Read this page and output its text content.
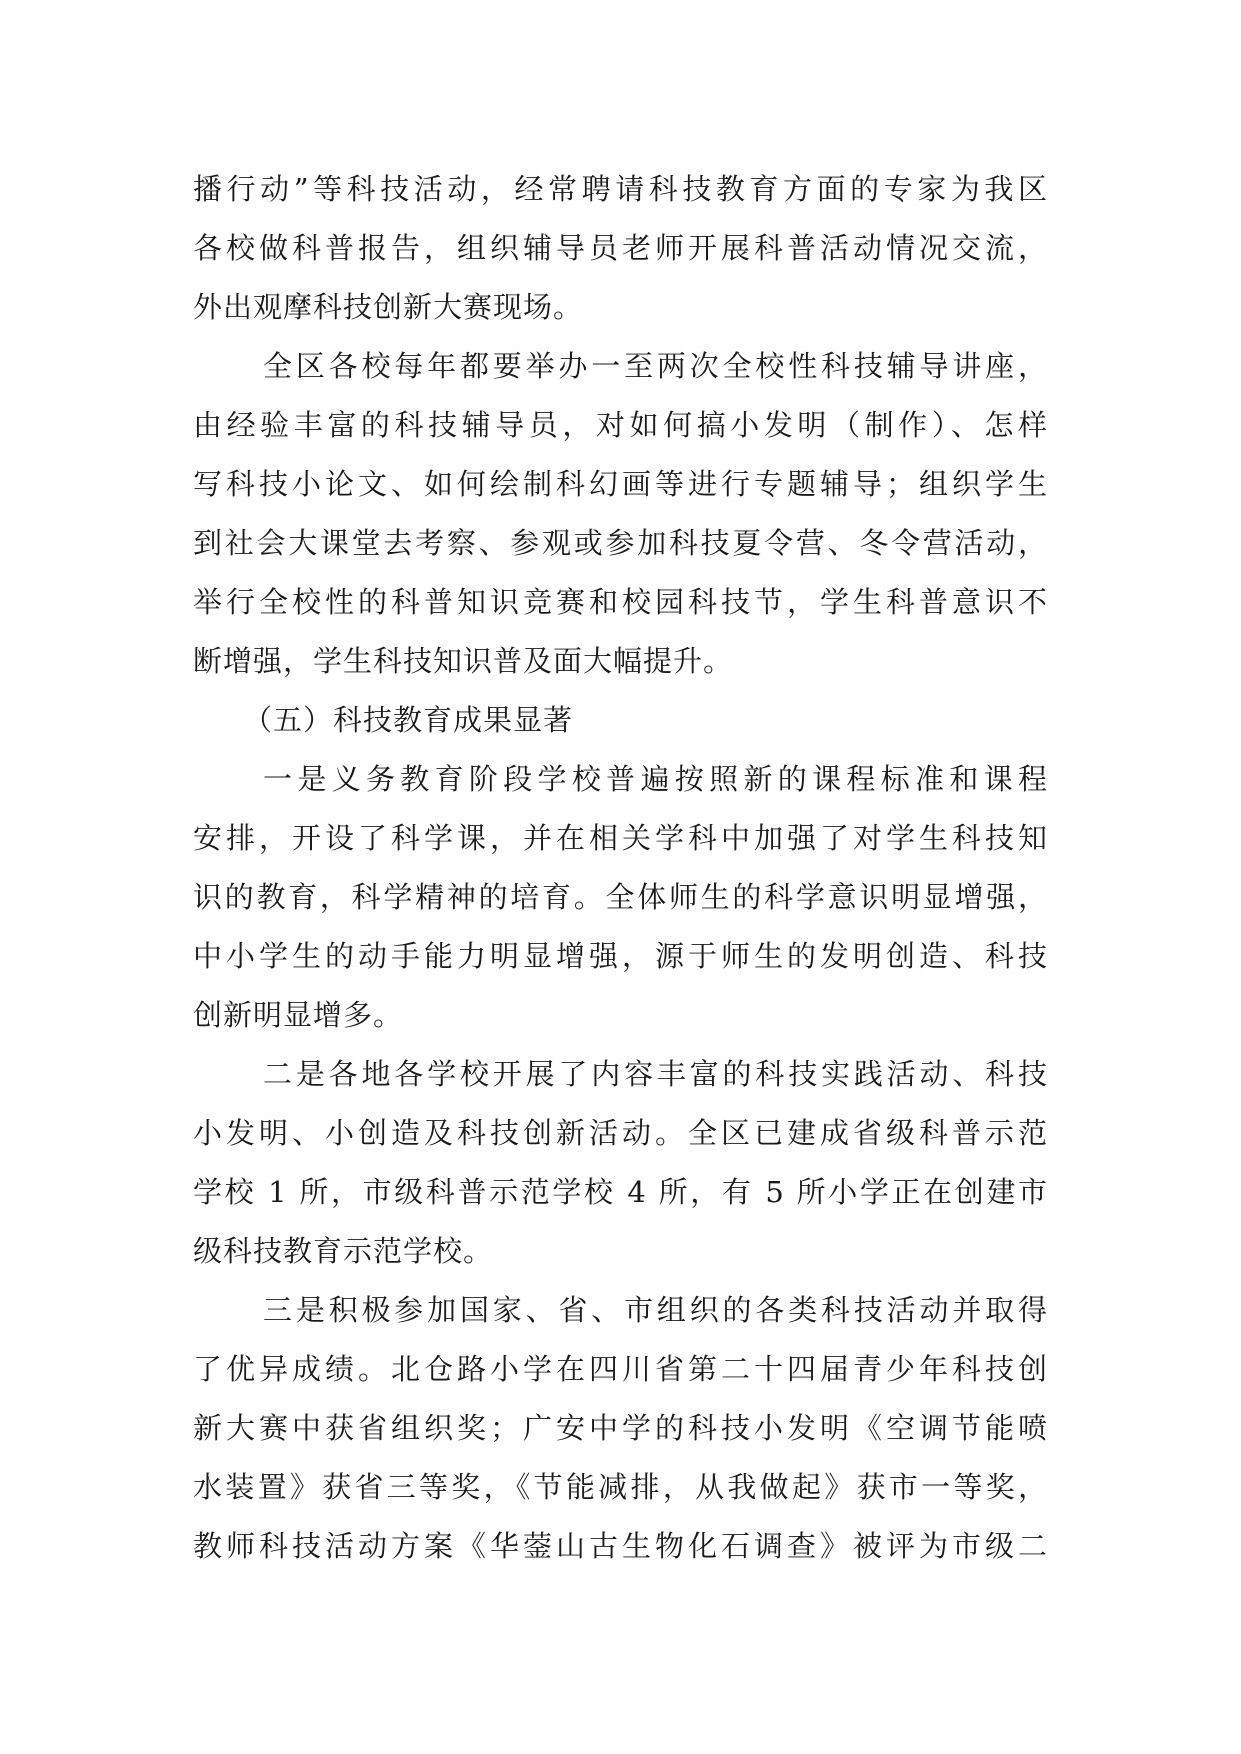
播行动”等科技活动，经常聘请科技教育方面的专家为我区
各校做科普报告，组织辅导员老师开展科普活动情况交流，
外出观摩科技创新大赛现场。
全区各校每年都要举办一至两次全校性科技辅导讲座，
由经验丰富的科技辅导员，对如何搞小发明（制作）、怎样
写科技小论文、如何绘制科幻画等进行专题辅导；组织学生
到社会大课堂去考察、参观或参加科技夏令营、冬令营活动，
举行全校性的科普知识竞赛和校园科技节，学生科普意识不
断增强，学生科技知识普及面大幅提升。
（五）科技教育成果显著
一是义务教育阶段学校普遍按照新的课程标准和课程
安排，开设了科学课，并在相关学科中加强了对学生科技知
识的教育，科学精神的培育。全体师生的科学意识明显增强，
中小学生的动手能力明显增强，源于师生的发明创造、科技
创新明显增多。
二是各地各学校开展了内容丰富的科技实践活动、科技
小发明、小创造及科技创新活动。全区已建成省级科普示范
学校 1 所，市级科普示范学校 4 所，有 5 所小学正在创建市
级科技教育示范学校。
三是积极参加国家、省、市组织的各类科技活动并取得
了优异成绩。北仓路小学在四川省第二十四届青少年科技创
新大赛中获省组织奖；广安中学的科技小发明《空调节能喷
水装置》获省三等奖，《节能减排，从我做起》获市一等奖，
教师科技活动方案《华蓥山古生物化石调查》被评为市级二
